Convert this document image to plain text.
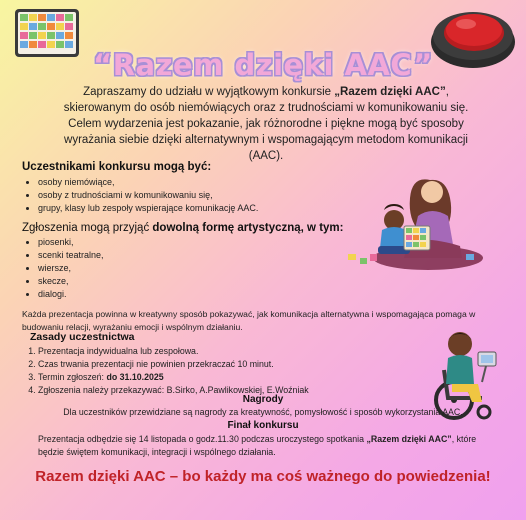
“Razem dzięki AAC”
Zapraszamy do udziału w wyjątkowym konkursie „Razem dzięki AAC”, skierowanym do osób niemówiących oraz z trudnościami w komunikowaniu się. Celem wydarzenia jest pokazanie, jak różnorodne i piękne mogą być sposoby wyrażania siebie dzięki alternatywnym i wspomagającym metodom komunikacji (AAC).
Uczestnikami konkursu mogą być:
• osoby niemówiące,
• osoby z trudnościami w komunikowaniu się,
• grupy, klasy lub zespoły wspierające komunikację AAC.
Zgłoszenia mogą przyjąć dowolną formę artystyczną, w tym:
• piosenki,
• scenki teatralne,
• wiersze,
• skecze,
• dialogi.
Każda prezentacja powinna w kreatywny sposób pokazywać, jak komunikacja alternatywna i wspomagająca pomaga w budowaniu relacji, wyrażaniu emocji i wspólnym działaniu.
Zasady uczestnictwa
1. Prezentacja indywidualna lub zespołowa.
2. Czas trwania prezentacji nie powinien przekraczać 10 minut.
3. Termin zgłoszeń: do 31.10.2025
4. Zgłoszenia należy przekazywać: B.Sirko, A.Pawlikowskiej, E.Woźniak
Nagrody
Dla uczestników przewidziane są nagrody za kreatywność, pomysłowość i sposób wykorzystania AAC.
Finał konkursu
Prezentacja odbędzie się 14 listopada o godz.11.30 podczas uroczystego spotkania „Razem dzięki AAC”, które będzie świętem komunikacji, integracji i wspólnego działania.
Razem dzięki AAC – bo każdy ma coś ważnego do powiedzenia!
